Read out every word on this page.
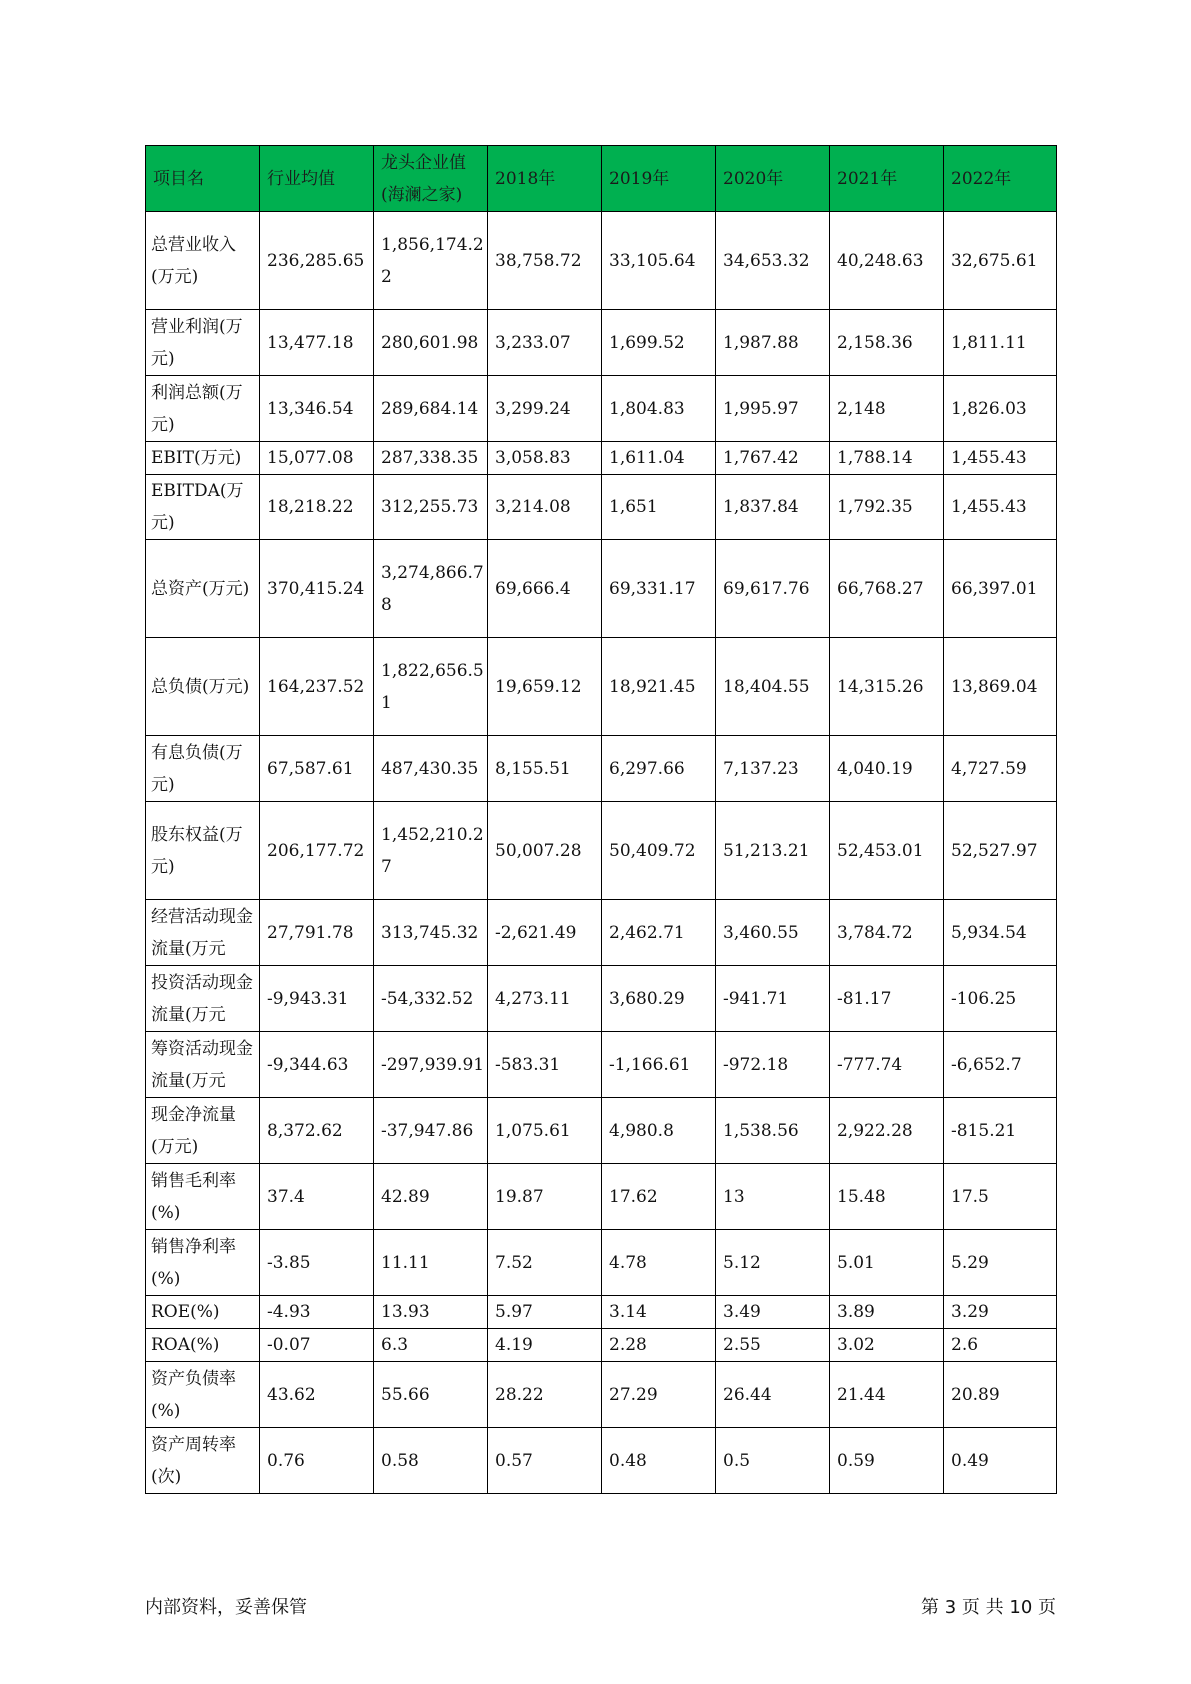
项目名	行业均值	龙头企业值(海澜之家)	2018年	2019年	2020年	2021年	2022年

总营业收入(万元)	236,285.65	1,856,174.22	38,758.72	33,105.64	34,653.32	40,248.63	32,675.61

营业利润(万元)	13,477.18	280,601.98	3,233.07	1,699.52	1,987.88	2,158.36	1,811.11

利润总额(万元)	13,346.54	289,684.14	3,299.24	1,804.83	1,995.97	2,148	1,826.03

EBIT(万元)	15,077.08	287,338.35	3,058.83	1,611.04	1,767.42	1,788.14	1,455.43

EBITDA(万元)	18,218.22	312,255.73	3,214.08	1,651	1,837.84	1,792.35	1,455.43

总资产(万元)	370,415.24	3,274,866.78	69,666.4	69,331.17	69,617.76	66,768.27	66,397.01

总负债(万元)	164,237.52	1,822,656.51	19,659.12	18,921.45	18,404.55	14,315.26	13,869.04

有息负债(万元)	67,587.61	487,430.35	8,155.51	6,297.66	7,137.23	4,040.19	4,727.59

股东权益(万元)	206,177.72	1,452,210.27	50,007.28	50,409.72	51,213.21	52,453.01	52,527.97

经营活动现金流量(万元	27,791.78	313,745.32	-2,621.49	2,462.71	3,460.55	3,784.72	5,934.54

投资活动现金流量(万元	-9,943.31	-54,332.52	4,273.11	3,680.29	-941.71	-81.17	-106.25

筹资活动现金流量(万元	-9,344.63	-297,939.91	-583.31	-1,166.61	-972.18	-777.74	-6,652.7

现金净流量(万元)	8,372.62	-37,947.86	1,075.61	4,980.8	1,538.56	2,922.28	-815.21

销售毛利率(%)	37.4	42.89	19.87	17.62	13	15.48	17.5

销售净利率(%)	-3.85	11.11	7.52	4.78	5.12	5.01	5.29

ROE(%)	-4.93	13.93	5.97	3.14	3.49	3.89	3.29

ROA(%)	-0.07	6.3	4.19	2.28	2.55	3.02	2.6

资产负债率(%)	43.62	55.66	28.22	27.29	26.44	21.44	20.89

资产周转率(次)	0.76	0.58	0.57	0.48	0.5	0.59	0.49
内部资料，妥善保管	第 3 页 共 10 页
